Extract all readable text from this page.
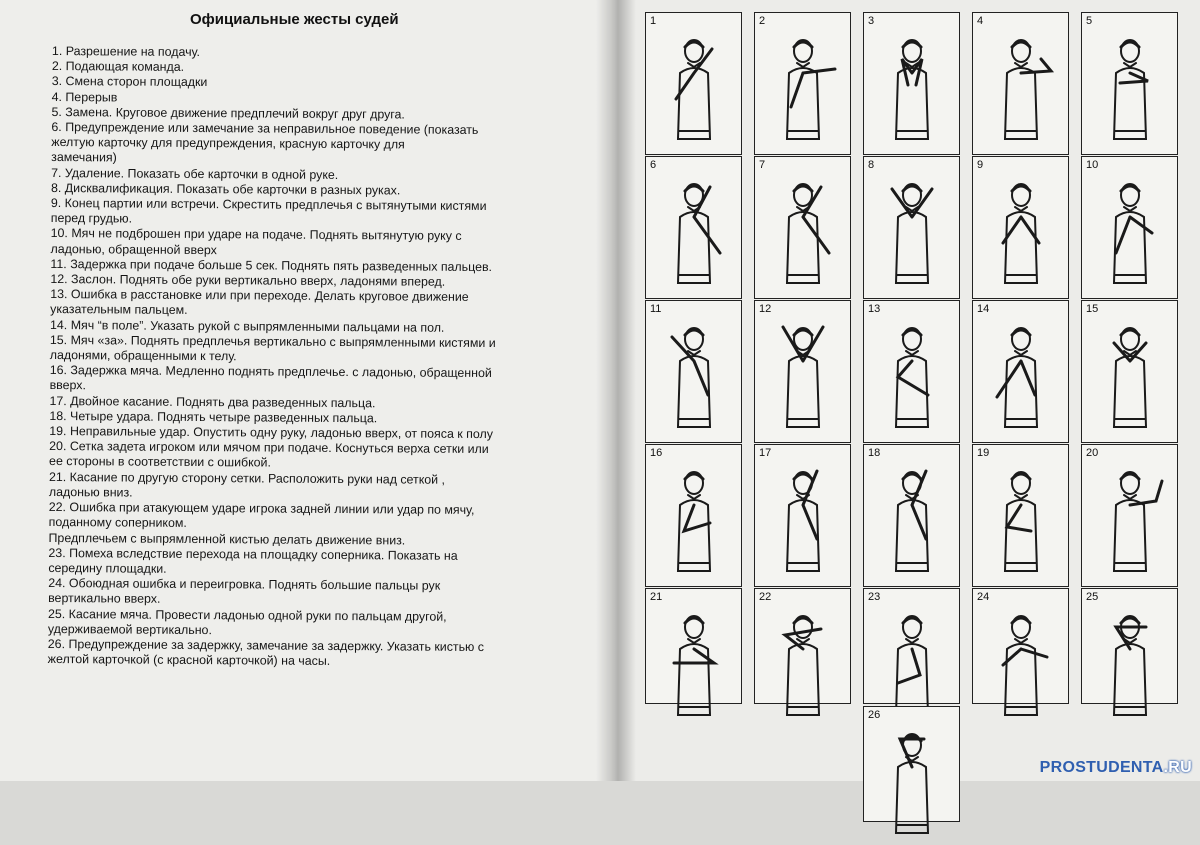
Официальные жесты судей
1. Разрешение на подачу.
2. Подающая команда.
3. Смена сторон площадки
4. Перерыв
5. Замена. Круговое движение предплечий вокруг друг друга.
6. Предупреждение или замечание за неправильное поведение (показать
желтую карточку для предупреждения, красную карточку для
замечания)
7. Удаление. Показать обе карточки в одной руке.
8. Дисквалификация. Показать обе карточки в разных руках.
9. Конец партии или встречи. Скрестить предплечья с вытянутыми кистями
перед грудью.
10. Мяч не подброшен при ударе на подаче. Поднять вытянутую руку с
ладонью, обращенной вверх
11. Задержка при подаче больше 5 сек. Поднять пять разведенных пальцев.
12. Заслон. Поднять обе руки вертикально вверх, ладонями вперед.
13. Ошибка в расстановке или при переходе. Делать круговое движение
указательным пальцем.
14. Мяч “в поле”. Указать рукой с выпрямленными пальцами на пол.
15. Мяч «за». Поднять предплечья вертикально с выпрямленными кистями и
ладонями, обращенными к телу.
16. Задержка мяча. Медленно поднять предплечье. с ладонью, обращенной
вверх.
17. Двойное касание. Поднять два разведенных пальца.
18. Четыре удара. Поднять четыре разведенных пальца.
19. Неправильные удар. Опустить одну руку, ладонью вверх, от пояса к полу
20. Сетка задета игроком или мячом при подаче. Коснуться верха сетки или
ее стороны в соответствии с ошибкой.
21. Касание по другую сторону сетки. Расположить руки над сеткой ,
ладонью вниз.
22. Ошибка при атакующем ударе игрока задней линии или удар по мячу,
поданному соперником.
Предплечьем с выпрямленной кистью делать движение вниз.
23. Помеха вследствие перехода на площадку соперника. Показать на
середину площадки.
24. Обоюдная ошибка и переигровка. Поднять большие пальцы рук
вертикально вверх.
25. Касание мяча. Провести ладонью одной руки по пальцам другой,
удерживаемой вертикально.
26. Предупреждение за задержку, замечание за задержку. Указать кистью с
желтой карточкой (с красной карточкой) на часы.
1	2	3	4	5
6	7	8	9	10
11	12	13	14	15
16	17	18	19	20
21	22	23	24	25
26
PROSTUDENTA.RU
